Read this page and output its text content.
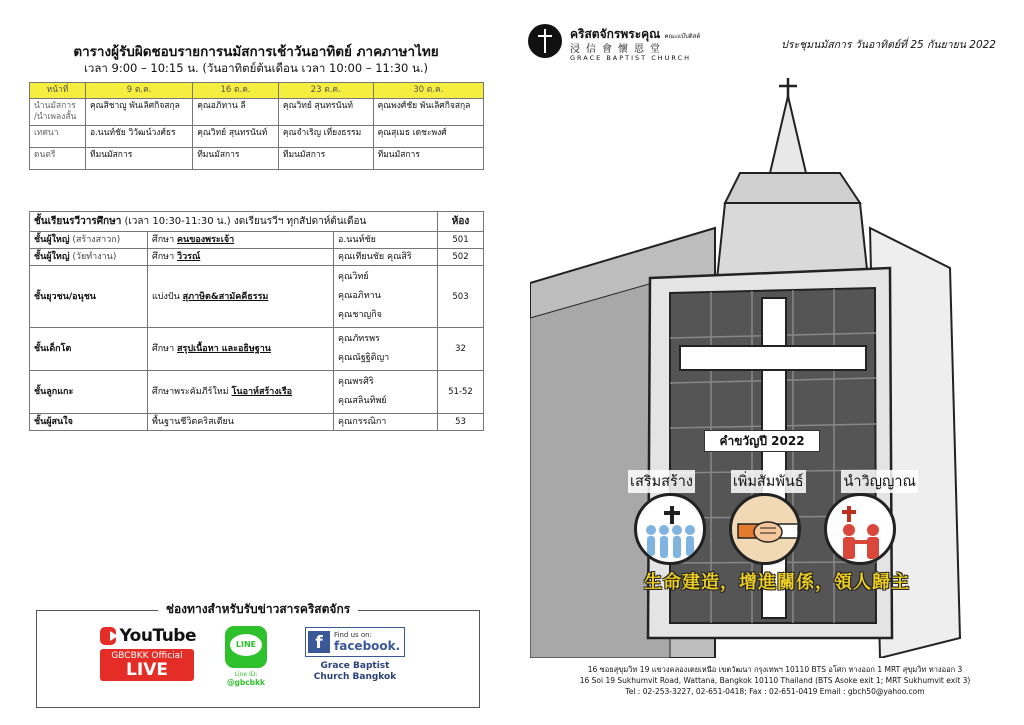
ตารางผู้รับผิดชอบรายการนมัสการเช้าวันอาทิตย์ ภาคภาษาไทย
เวลา 9:00 – 10:15 น. (วันอาทิตย์ต้นเดือน เวลา 10:00 – 11:30 น.)
หน้าที่	9 ต.ค.	16 ต.ค.	23 ต.ค.	30 ต.ค.
นำนมัสการ /นำเพลงสั้น	คุณสิชาญู พันเลิศกิจสกุล	คุณอภิทาน ลี	คุณวิทย์ สุนทรนันท์	คุณพงศ์ชัย พันเลิศกิจสกุล
เทศนา	อ.นนท์ชัย วิวัฒน์วงศ์ธร	คุณวิทย์ สุนทรนันท์	คุณจำเริญ เที่ยงธรรม	คุณสุเมธ เดชะพงศ์
ดนตรี	ทีมนมัสการ	ทีมนมัสการ	ทีมนมัสการ	ทีมนมัสการ
ชั้นเรียนรวีวารศึกษา (เวลา 10:30-11:30 น.) งดเรียนรวีฯ ทุกสัปดาห์ต้นเดือน			ห้อง
ชั้นผู้ใหญ่ (สร้างสาวก)	ศึกษา คนของพระเจ้า	อ.นนท์ชัย	501
ชั้นผู้ใหญ่ (วัยทำงาน)	ศึกษา วิวรณ์	คุณเทียนชัย คุณสิริ	502
ชั้นยุวชน/อนุชน	แบ่งปัน สุภาษิต&สามัคคีธรรม	คุณวิทย์
คุณอภิทาน
คุณชาญกิจ	503
ชั้นเด็กโต	ศึกษา สรุปเนื้อหา และอธิษฐาน	คุณภัทรพร
คุณณัฐฐิติญา	32
ชั้นลูกแกะ	ศึกษาพระคัมภีร์ใหม่ โนอาห์สร้างเรือ	คุณพรศิริ
คุณสลินทิพย์	51-52
ชั้นผู้สนใจ	พื้นฐานชีวิตคริสเตียน	คุณกรรณิกา	53
ช่องทางสำหรับรับข่าวสารคริสตจักร
YouTube
GBCBKK Official
LIVE
LINE
Line ID:
@gbcbkk
f	Find us on:
facebook.
Grace Baptist Church Bangkok
คริสตจักรพระคุณ คณะแบ๊บติสต์
浸信會懷恩堂
GRACE BAPTIST CHURCH
ประชุมนมัสการ วันอาทิตย์ที่ 25 กันยายน 2022
คำขวัญปี 2022
เสริมสร้าง	เพิ่มสัมพันธ์	นำวิญญาณ
生命建造，增進關係，領人歸主
16 ซอยสุขุมวิท 19 แขวงคลองเตยเหนือ เขตวัฒนา กรุงเทพฯ 10110 BTS อโศก ทางออก 1 MRT สุขุมวิท ทางออก 3
16 Soi 19 Sukhumvit Road, Wattana, Bangkok 10110 Thailand (BTS Asoke exit 1; MRT Sukhumvit exit 3)
Tel : 02-253-3227, 02-651-0418; Fax : 02-651-0419 Email : gbch50@yahoo.com
